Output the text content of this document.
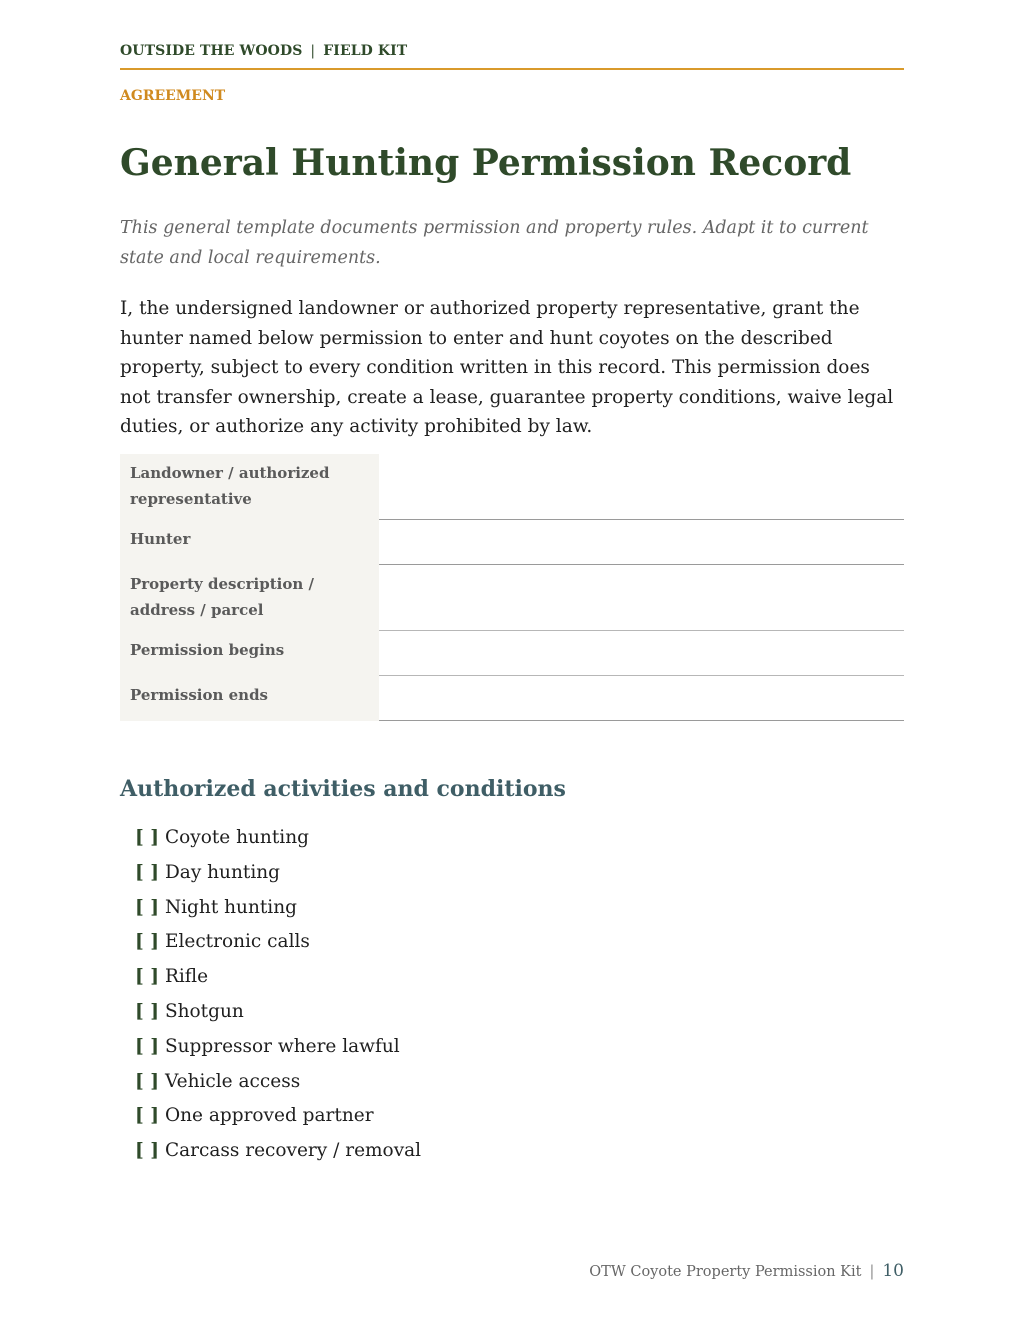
OUTSIDE THE WOODS | FIELD KIT
AGREEMENT
General Hunting Permission Record

This general template documents permission and property rules. Adapt it to current state and local requirements.

I, the undersigned landowner or authorized property representative, grant the hunter named below permission to enter and hunt coyotes on the described property, subject to every condition written in this record. This permission does not transfer ownership, create a lease, guarantee property conditions, waive legal duties, or authorize any activity prohibited by law.

Landowner / authorized representative
Hunter
Property description / address / parcel
Permission begins
Permission ends
Authorized activities and conditions
[ ] Coyote hunting
[ ] Day hunting
[ ] Night hunting
[ ] Electronic calls
[ ] Rifle
[ ] Shotgun
[ ] Suppressor where lawful
[ ] Vehicle access
[ ] One approved partner
[ ] Carcass recovery / removal
OTW Coyote Property Permission Kit | 10
